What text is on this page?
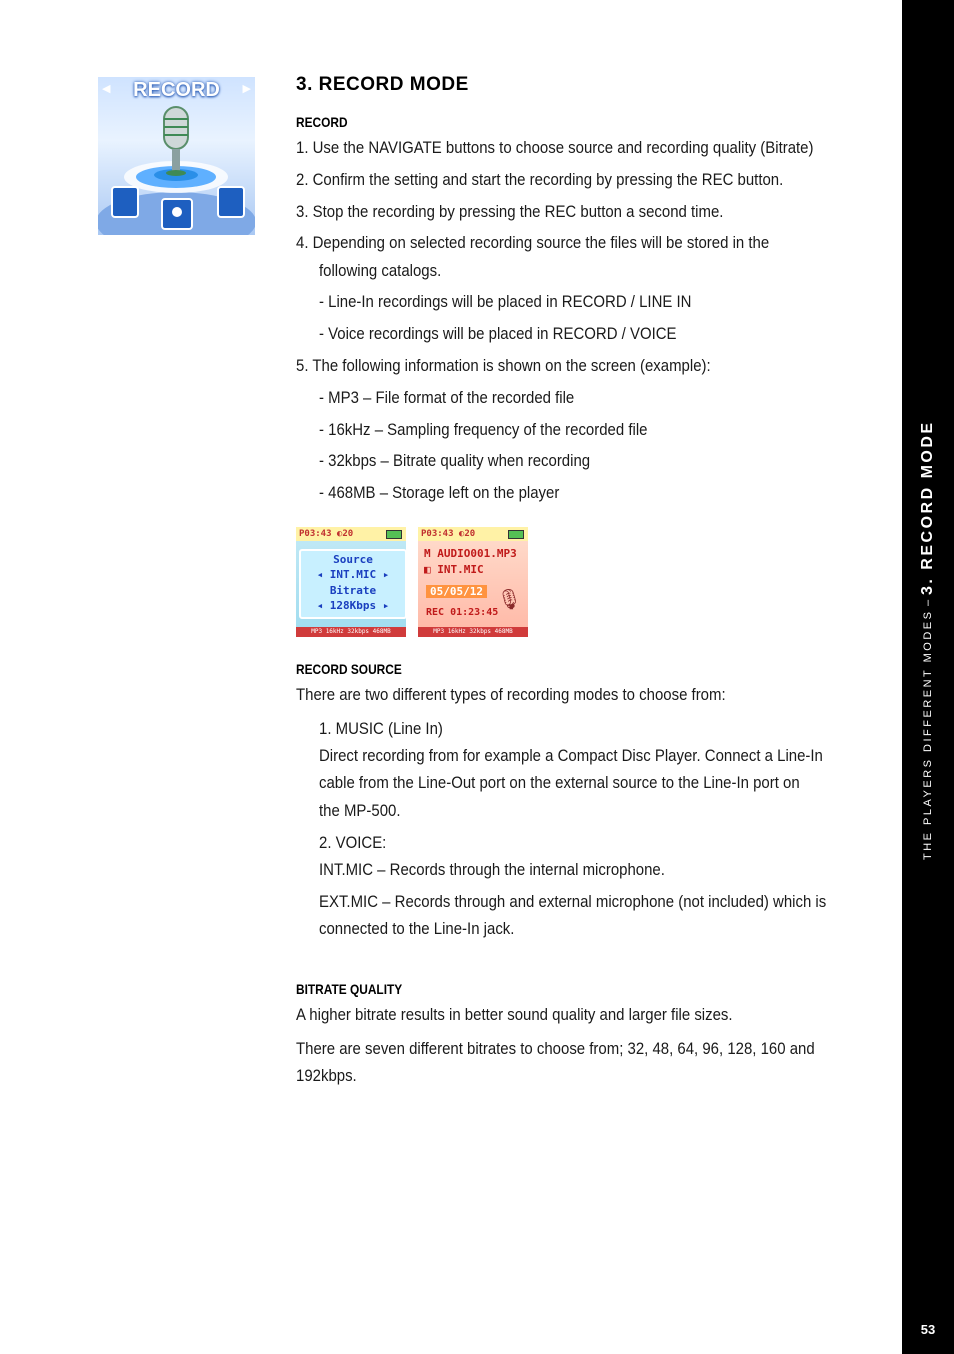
THE PLAYERS DIFFERENT MODES
–
3. RECORD MODE
53
◀	▶
RECORD	3. RECORD MODE
RECORD
1. Use the NAVIGATE buttons to choose source and recording quality (Bitrate)
2. Confirm the setting and start the recording by pressing the REC button.
3. Stop the recording by pressing the REC button a second time.
4. Depending on selected recording source the files will be stored in the
following catalogs.
- Line-In recordings will be placed in RECORD / LINE IN
- Voice recordings will be placed in RECORD / VOICE
5. The following information is shown on the screen (example):
- MP3 – File format of the recorded file
- 16kHz – Sampling frequency of the recorded file
- 32kbps – Bitrate quality when recording
- 468MB – Storage left on the player
P03:43 ◐20
Source
◂ INT.MIC ▸
Bitrate
◂ 128Kbps ▸
MP3 16kHz 32kbps 468MB
P03:43 ◐20
M AUDIO001.MP3
◧ INT.MIC
05/05/12
REC 01:23:45
🎙
MP3 16kHz 32kbps 468MB
RECORD SOURCE
There are two different types of recording modes to choose from:
1. MUSIC (Line In)
Direct recording from for example a Compact Disc Player. Connect a Line-In
cable from the Line-Out port on the external source to the Line-In port on
the MP-500.
2. VOICE:
INT.MIC – Records through the internal microphone.
EXT.MIC – Records through and external microphone (not included) which is
connected to the Line-In jack.
BITRATE QUALITY
A higher bitrate results in better sound quality and larger file sizes.
There are seven different bitrates to choose from; 32, 48, 64, 96, 128, 160 and
192kbps.
